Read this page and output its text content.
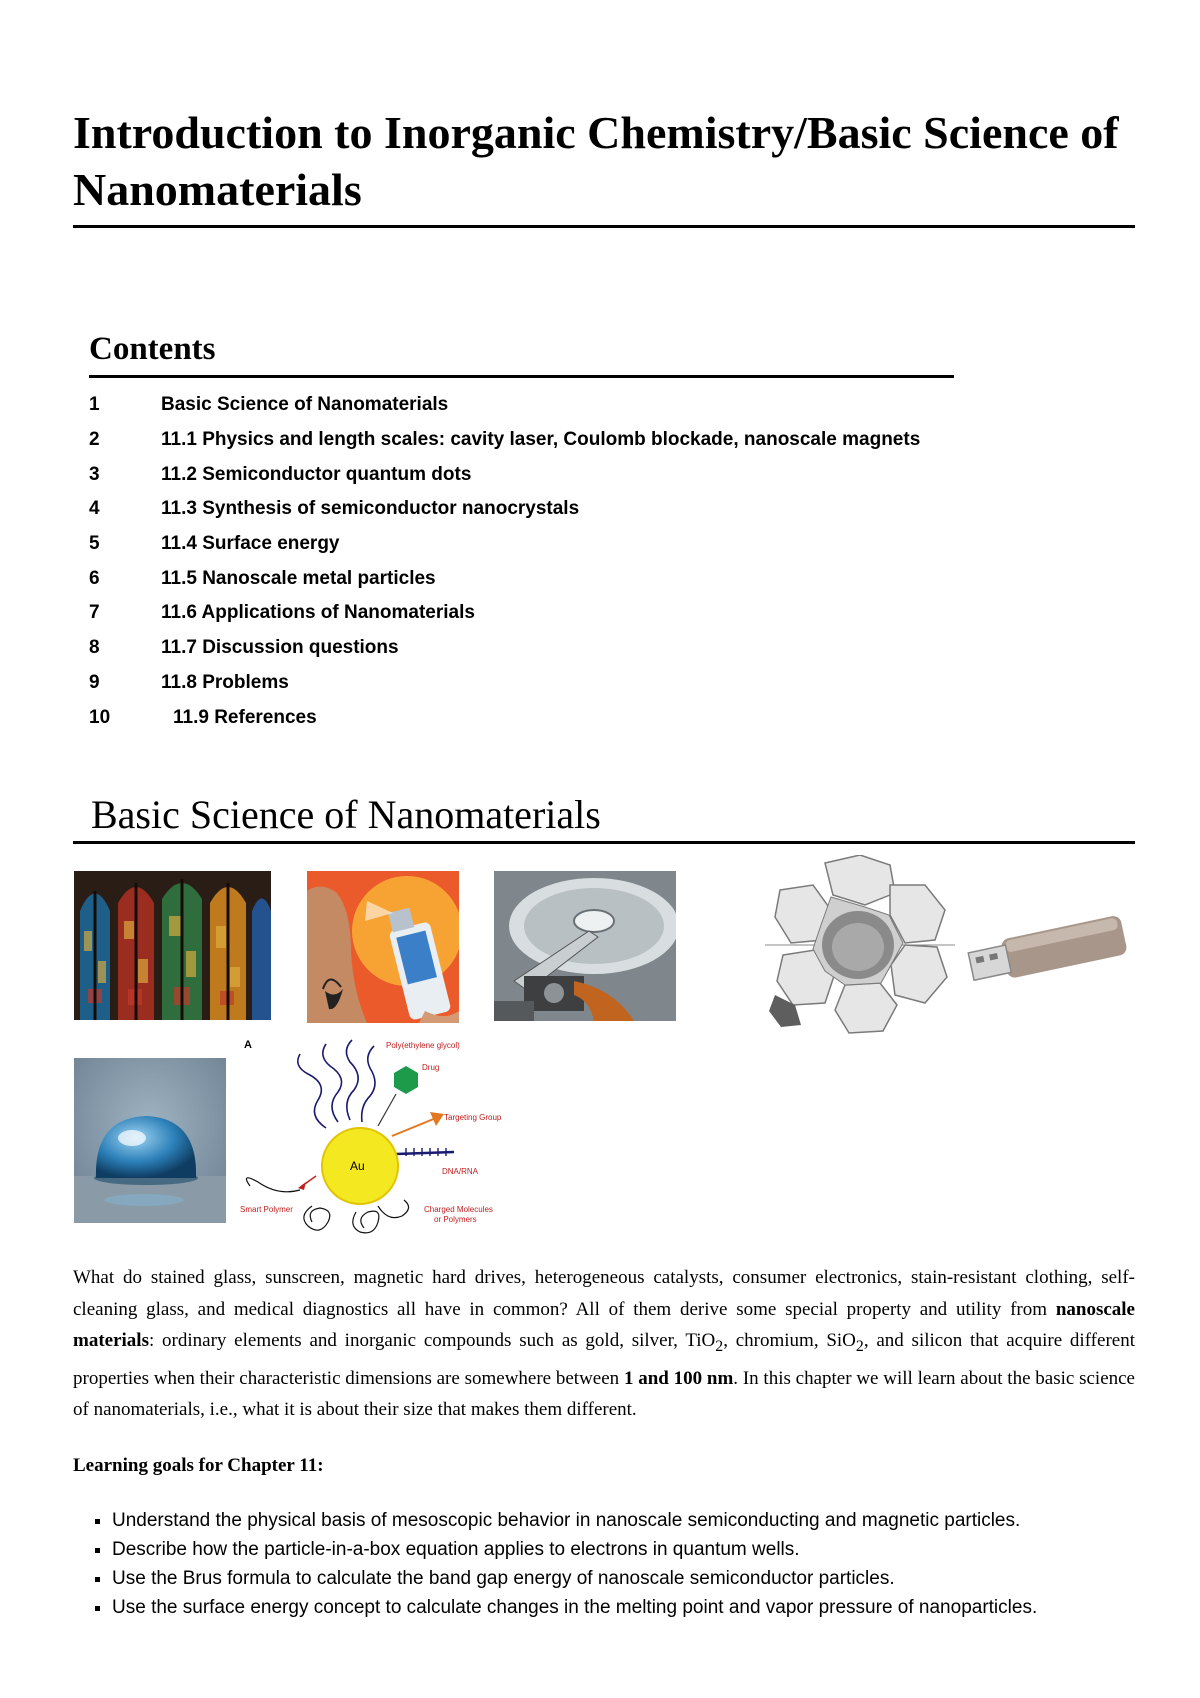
Introduction to Inorganic Chemistry/Basic Science of Nanomaterials
Contents
1	Basic Science of Nanomaterials
2	11.1 Physics and length scales: cavity laser, Coulomb blockade, nanoscale magnets
3	11.2 Semiconductor quantum dots
4	11.3 Synthesis of semiconductor nanocrystals
5	11.4 Surface energy
6	11.5 Nanoscale metal particles
7	11.6 Applications of Nanomaterials
8	11.7 Discussion questions
9	11.8 Problems
10	11.9 References
Basic Science of Nanomaterials
A
Au
Poly(ethylene glycol)
Drug
Targeting Group
DNA/RNA
Charged Molecules
or Polymers
Smart Polymer

What do stained glass, sunscreen, magnetic hard drives, heterogeneous catalysts, consumer electronics, stain-resistant clothing, self-cleaning glass, and medical diagnostics all have in common? All of them derive some special property and utility from nanoscale materials: ordinary elements and inorganic compounds such as gold, silver, TiO$_2$, chromium, SiO$_2$, and silicon that acquire different properties when their characteristic dimensions are somewhere between 1 and 100 nm. In this chapter we will learn about the basic science of nanomaterials, i.e., what it is about their size that makes them different.

Learning goals for Chapter 11:

▪ Understand the physical basis of mesoscopic behavior in nanoscale semiconducting and magnetic particles.
▪ Describe how the particle-in-a-box equation applies to electrons in quantum wells.
▪ Use the Brus formula to calculate the band gap energy of nanoscale semiconductor particles.
▪ Use the surface energy concept to calculate changes in the melting point and vapor pressure of nanoparticles.
